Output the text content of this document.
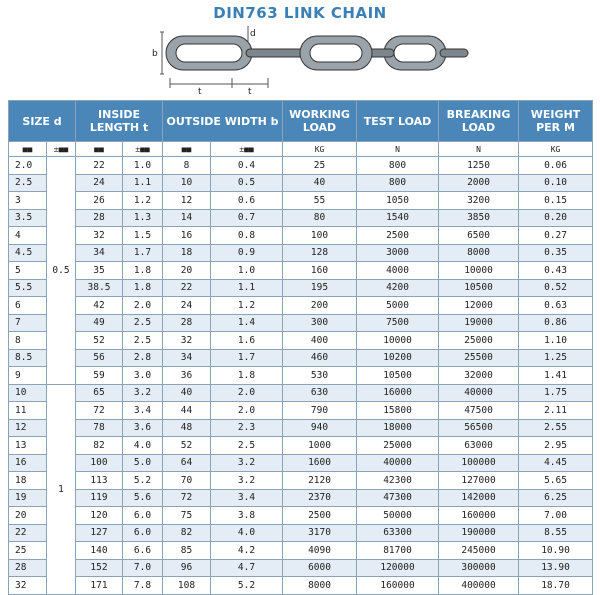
DIN763 LINK CHAIN
b
d
t	t
SIZE d		INSIDE LENGTH t		OUTSIDE WIDTH b		WORKING LOAD	TEST LOAD	BREAKING LOAD	WEIGHT PER M
■■	±■■	■■	±■■	■■	±■■	KG	N	N	KG
2.0	0.5	22	1.0	8	0.4	25	800	1250	0.06
2.5		24	1.1	10	0.5	40	800	2000	0.10
3		26	1.2	12	0.6	55	1050	3200	0.15
3.5		28	1.3	14	0.7	80	1540	3850	0.20
4		32	1.5	16	0.8	100	2500	6500	0.27
4.5		34	1.7	18	0.9	128	3000	8000	0.35
5		35	1.8	20	1.0	160	4000	10000	0.43
5.5		38.5	1.8	22	1.1	195	4200	10500	0.52
6		42	2.0	24	1.2	200	5000	12000	0.63
7		49	2.5	28	1.4	300	7500	19000	0.86
8		52	2.5	32	1.6	400	10000	25000	1.10
8.5		56	2.8	34	1.7	460	10200	25500	1.25
9		59	3.0	36	1.8	530	10500	32000	1.41
10	1	65	3.2	40	2.0	630	16000	40000	1.75
11		72	3.4	44	2.0	790	15800	47500	2.11
12		78	3.6	48	2.3	940	18000	56500	2.55
13		82	4.0	52	2.5	1000	25000	63000	2.95
16		100	5.0	64	3.2	1600	40000	100000	4.45
18		113	5.2	70	3.2	2120	42300	127000	5.65
19		119	5.6	72	3.4	2370	47300	142000	6.25
20		120	6.0	75	3.8	2500	50000	160000	7.00
22		127	6.0	82	4.0	3170	63300	190000	8.55
25		140	6.6	85	4.2	4090	81700	245000	10.90
28		152	7.0	96	4.7	6000	120000	300000	13.90
32		171	7.8	108	5.2	8000	160000	400000	18.70
